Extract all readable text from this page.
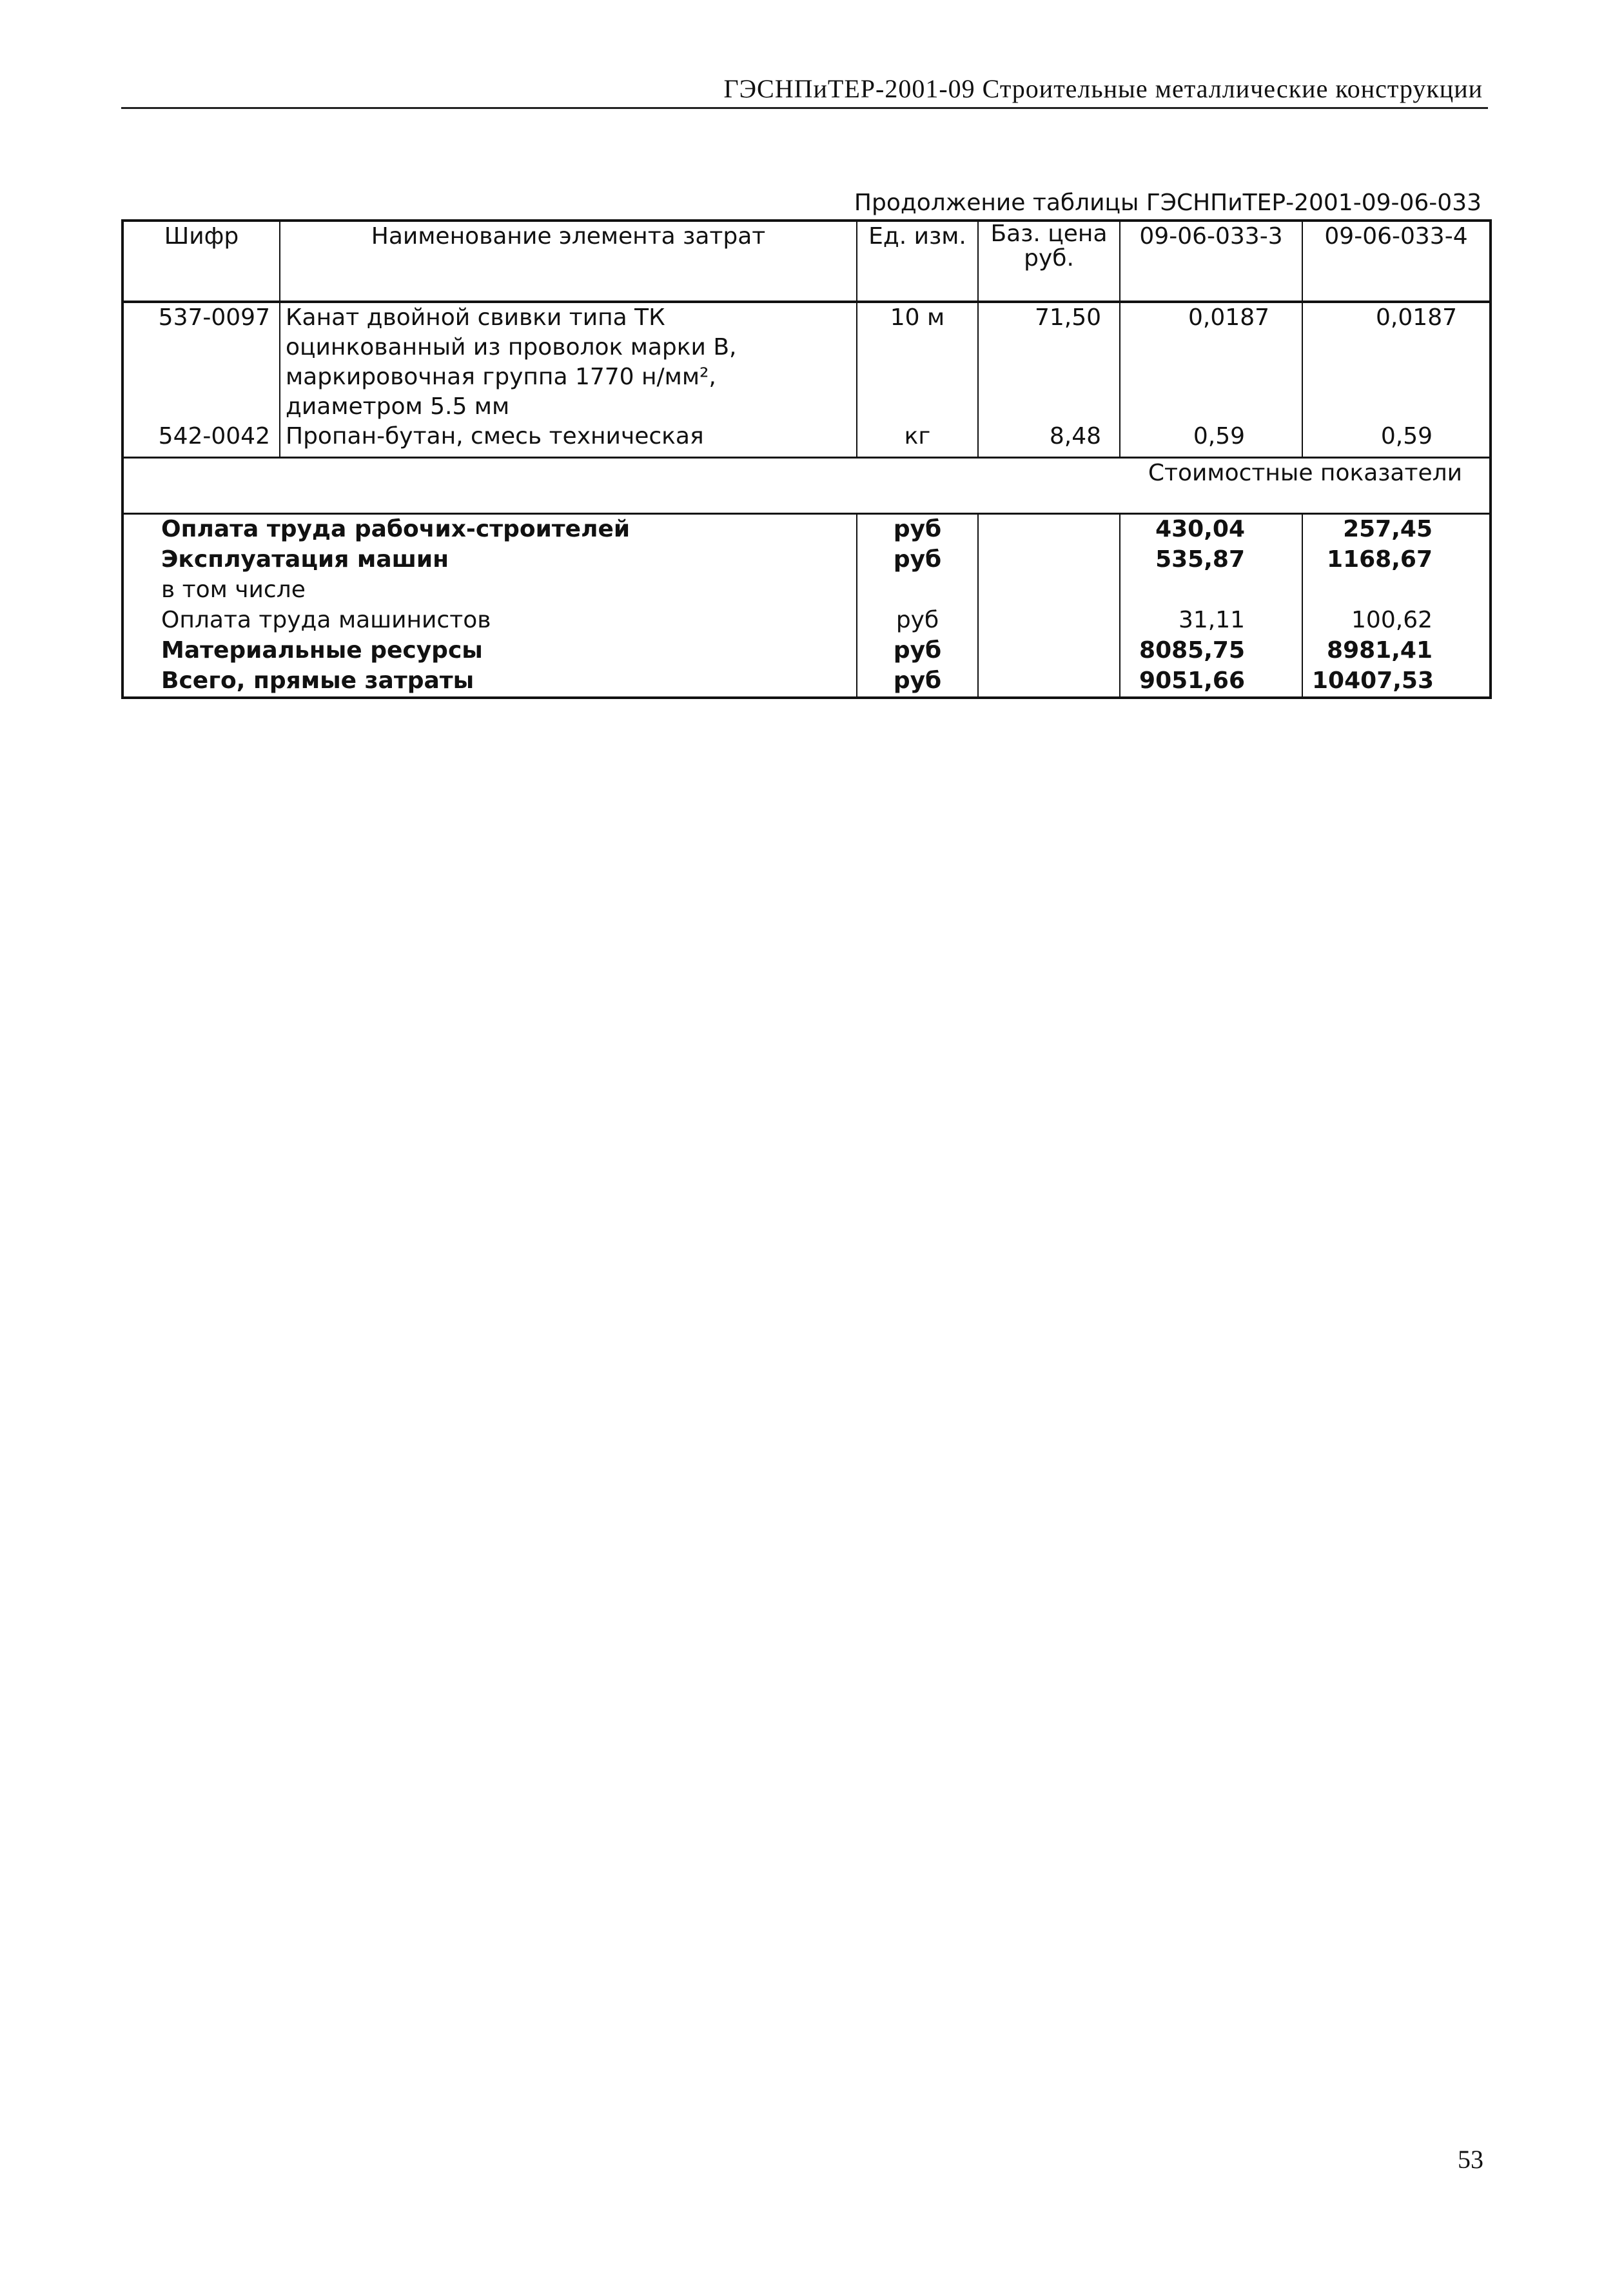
ГЭСНПиТЕР-2001-09 Строительные металлические конструкции
Продолжение таблицы ГЭСНПиТЕР-2001-09-06-033
Шифр	Наименование элемента затрат	Ед. изм.	Баз. цена руб.	09-06-033-3	09-06-033-4
537-0097	Канат двойной свивки типа ТК оцинкованный из проволок марки В, маркировочная группа 1770 н/мм², диаметром 5.5 мм	10 м	71,50	0,0187	0,0187
542-0042	Пропан-бутан, смесь техническая	кг	8,48	0,59	0,59
Стоимостные показатели					
Оплата труда рабочих-строителей		руб		430,04	257,45
Эксплуатация машин		руб		535,87	1168,67
в том числе					
Оплата труда машинистов		руб		31,11	100,62
Материальные ресурсы		руб		8085,75	8981,41
Всего, прямые затраты		руб		9051,66	10407,53
53
